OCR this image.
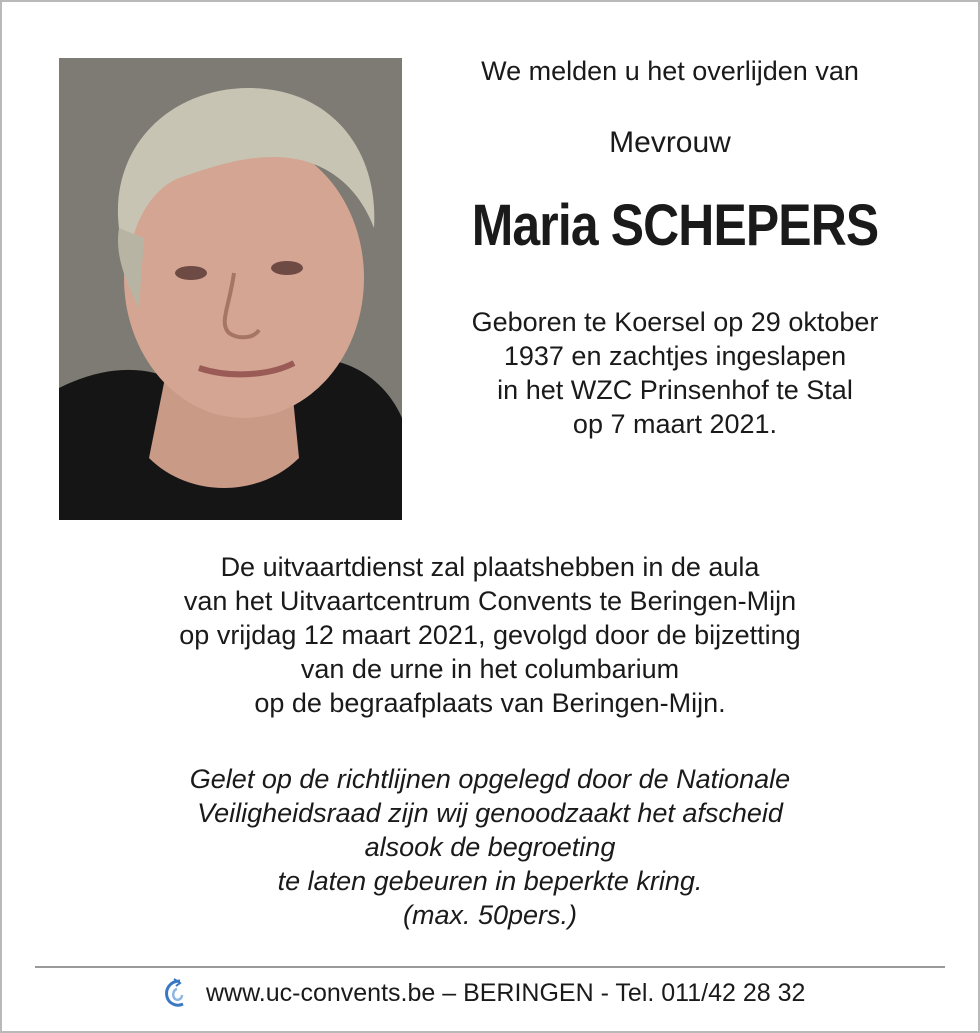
We melden u het overlijden van
Mevrouw
Maria SCHEPERS
Geboren te Koersel op 29 oktober
1937 en zachtjes ingeslapen
in het WZC Prinsenhof te Stal
op 7 maart 2021.
De uitvaartdienst zal plaatshebben in de aula
van het Uitvaartcentrum Convents te Beringen-Mijn
op vrijdag 12 maart 2021, gevolgd door de bijzetting
van de urne in het columbarium
op de begraafplaats van Beringen-Mijn.
Gelet op de richtlijnen opgelegd door de Nationale
Veiligheidsraad zijn wij genoodzaakt het afscheid
alsook de begroeting
te laten gebeuren in beperkte kring.
(max. 50pers.)
www.uc-convents.be – BERINGEN - Tel. 011/42 28 32
